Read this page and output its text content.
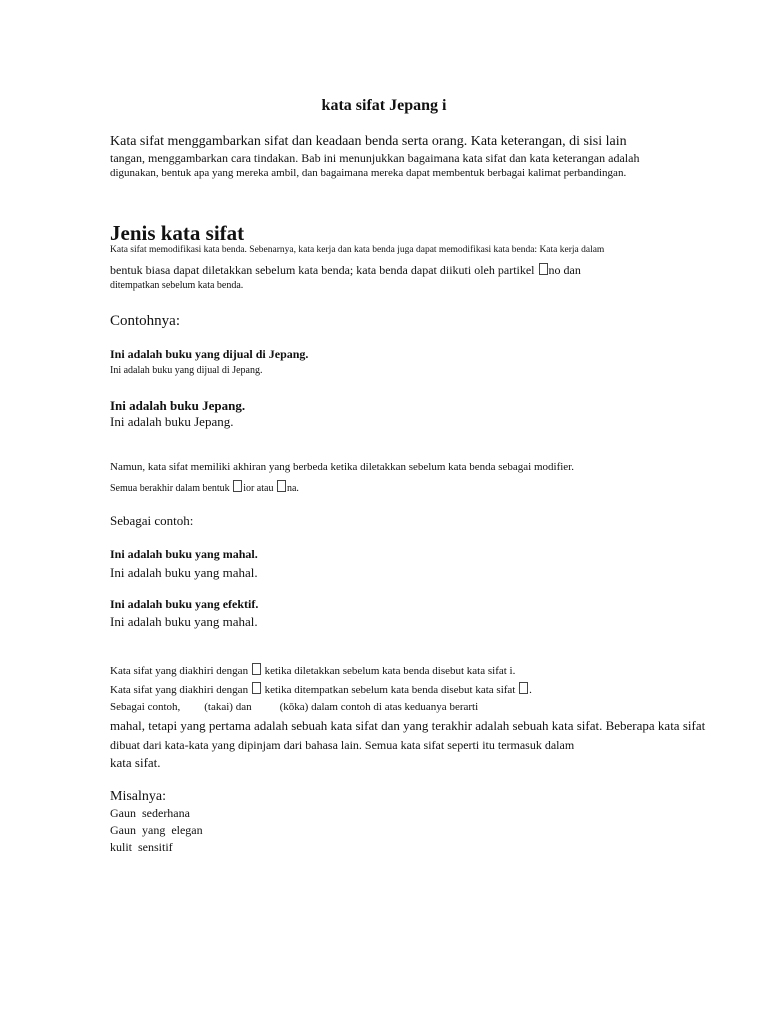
kata sifat Jepang i
Kata sifat menggambarkan sifat dan keadaan benda serta orang. Kata keterangan, di sisi lain
tangan, menggambarkan cara tindakan. Bab ini menunjukkan bagaimana kata sifat dan kata keterangan adalah
digunakan, bentuk apa yang mereka ambil, dan bagaimana mereka dapat membentuk berbagai kalimat perbandingan.
Jenis kata sifat
Kata sifat memodifikasi kata benda. Sebenarnya, kata kerja dan kata benda juga dapat memodifikasi kata benda: Kata kerja dalam
bentuk biasa dapat diletakkan sebelum kata benda; kata benda dapat diikuti oleh partikel no dan
ditempatkan sebelum kata benda.
Contohnya:
Ini adalah buku yang dijual di Jepang.
Ini adalah buku yang dijual di Jepang.
Ini adalah buku Jepang.
Ini adalah buku Jepang.
Namun, kata sifat memiliki akhiran yang berbeda ketika diletakkan sebelum kata benda sebagai modifier.
Semua berakhir dalam bentuk ior atau na.
Sebagai contoh:
Ini adalah buku yang mahal.
Ini adalah buku yang mahal.
Ini adalah buku yang efektif.
Ini adalah buku yang mahal.
Kata sifat yang diakhiri dengan  ketika diletakkan sebelum kata benda disebut kata sifat i.
Kata sifat yang diakhiri dengan  ketika ditempatkan sebelum kata benda disebut kata sifat .
Sebagai contoh, (takai) dan	(kōka) dalam contoh di atas keduanya berarti
mahal, tetapi yang pertama adalah sebuah kata sifat dan yang terakhir adalah sebuah kata sifat. Beberapa kata sifat
dibuat dari kata-kata yang dipinjam dari bahasa lain. Semua kata sifat seperti itu termasuk dalam
kata sifat.
Misalnya:
Gaun  sederhana
Gaun  yang  elegan
kulit  sensitif
